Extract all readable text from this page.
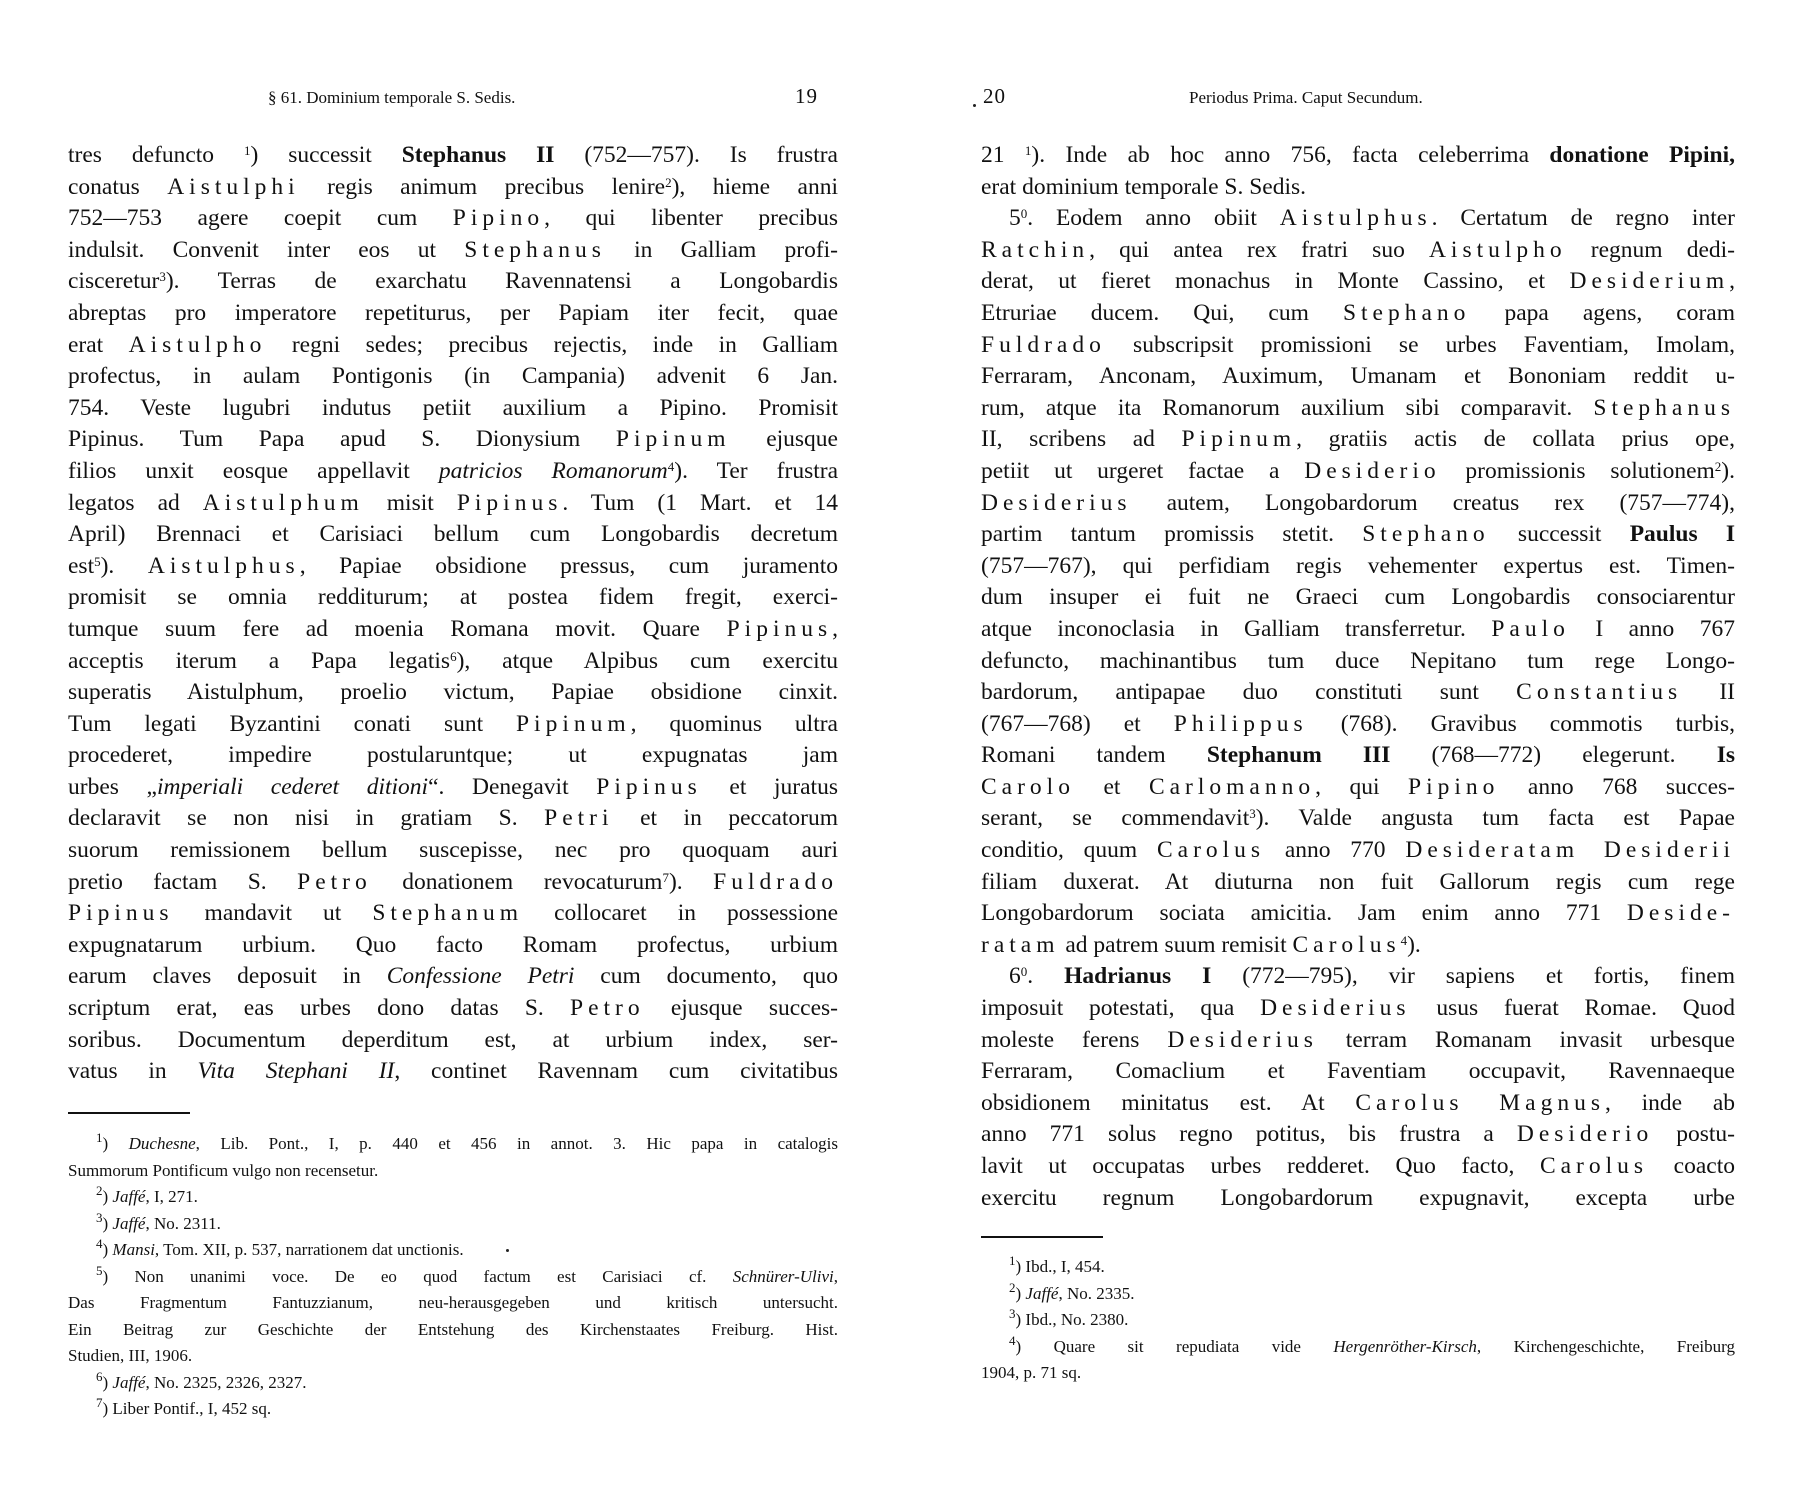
§ 61. Dominium temporale S. Sedis.	19
tres defuncto $^1$) successit Stephanus II (752—757). Is frustra
conatus Aistulphi regis animum precibus lenire$^2$), hieme anni
752—753 agere coepit cum Pipino, qui libenter precibus
indulsit. Convenit inter eos ut Stephanus in Galliam profi-
cisceretur$^3$). Terras de exarchatu Ravennatensi a Longobardis
abreptas pro imperatore repetiturus, per Papiam iter fecit, quae
erat Aistulpho regni sedes; precibus rejectis, inde in Galliam
profectus, in aulam Pontigonis (in Campania) advenit 6 Jan.
754. Veste lugubri indutus petiit auxilium a Pipino. Promisit
Pipinus. Tum Papa apud S. Dionysium Pipinum ejusque
filios unxit eosque appellavit patricios Romanorum$^4$). Ter frustra
legatos ad Aistulphum misit Pipinus. Tum (1 Mart. et 14
April) Brennaci et Carisiaci bellum cum Longobardis decretum
est$^5$). Aistulphus, Papiae obsidione pressus, cum juramento
promisit se omnia redditurum; at postea fidem fregit, exerci-
tumque suum fere ad moenia Romana movit. Quare Pipinus,
acceptis iterum a Papa legatis$^6$), atque Alpibus cum exercitu
superatis Aistulphum, proelio victum, Papiae obsidione cinxit.
Tum legati Byzantini conati sunt Pipinum, quominus ultra
procederet, impedire postularuntque; ut expugnatas jam
urbes „imperiali cederet ditioni“. Denegavit Pipinus et juratus
declaravit se non nisi in gratiam S. Petri et in peccatorum
suorum remissionem bellum suscepisse, nec pro quoquam auri
pretio factam S. Petro donationem revocaturum$^7$). Fuldrado
Pipinus mandavit ut Stephanum collocaret in possessione
expugnatarum urbium. Quo facto Romam profectus, urbium
earum claves deposuit in Confessione Petri cum documento, quo
scriptum erat, eas urbes dono datas S. Petro ejusque succes-
soribus. Documentum deperditum est, at urbium index, ser-
vatus in Vita Stephani II, continet Ravennam cum civitatibus
$^1$) Duchesne, Lib. Pont., I, p. 440 et 456 in annot. 3. Hic papa in catalogis
Summorum Pontificum vulgo non recensetur.
$^2$) Jaffé, I, 271.
$^3$) Jaffé, No. 2311.
$^4$) Mansi, Tom. XII, p. 537, narrationem dat unctionis.
$^5$) Non unanimi voce. De eo quod factum est Carisiaci cf. Schnürer-Ulivi,
Das Fragmentum Fantuzzianum, neu-herausgegeben und kritisch untersucht.
Ein Beitrag zur Geschichte der Entstehung des Kirchenstaates Freiburg. Hist.
Studien, III, 1906.
$^6$) Jaffé, No. 2325, 2326, 2327.
$^7$) Liber Pontif., I, 452 sq.
20	Periodus Prima. Caput Secundum.
21 $^1$). Inde ab hoc anno 756, facta celeberrima donatione Pipini,
erat dominium temporale S. Sedis.
$5^0$. Eodem anno obiit Aistulphus. Certatum de regno inter
Ratchin, qui antea rex fratri suo Aistulpho regnum dedi-
derat, ut fieret monachus in Monte Cassino, et Desiderium,
Etruriae ducem. Qui, cum Stephano papa agens, coram
Fuldrado subscripsit promissioni se urbes Faventiam, Imolam,
Ferraram, Anconam, Auximum, Umanam et Bononiam reddit u-
rum, atque ita Romanorum auxilium sibi comparavit. Stephanus
II, scribens ad Pipinum, gratiis actis de collata prius ope,
petiit ut urgeret factae a Desiderio promissionis solutionem$^2$).
Desiderius autem, Longobardorum creatus rex (757—774),
partim tantum promissis stetit. Stephano successit Paulus I
(757—767), qui perfidiam regis vehementer expertus est. Timen-
dum insuper ei fuit ne Graeci cum Longobardis consociarentur
atque inconoclasia in Galliam transferretur. Paulo I anno 767
defuncto, machinantibus tum duce Nepitano tum rege Longo-
bardorum, antipapae duo constituti sunt Constantius II
(767—768) et Philippus (768). Gravibus commotis turbis,
Romani tandem Stephanum III (768—772) elegerunt. Is
Carolo et Carlomanno, qui Pipino anno 768 succes-
serant, se commendavit$^3$). Valde angusta tum facta est Papae
conditio, quum Carolus anno 770 Desideratam Desiderii
filiam duxerat. At diuturna non fuit Gallorum regis cum rege
Longobardorum sociata amicitia. Jam enim anno 771 Deside-
ratam ad patrem suum remisit Carolus$^4$).
$6^0$. Hadrianus I (772—795), vir sapiens et fortis, finem
imposuit potestati, qua Desiderius usus fuerat Romae. Quod
moleste ferens Desiderius terram Romanam invasit urbesque
Ferraram, Comaclium et Faventiam occupavit, Ravennaeque
obsidionem minitatus est. At Carolus Magnus, inde ab
anno 771 solus regno potitus, bis frustra a Desiderio postu-
lavit ut occupatas urbes redderet. Quo facto, Carolus coacto
exercitu regnum Longobardorum expugnavit, excepta urbe
$^1$) Ibd., I, 454.
$^2$) Jaffé, No. 2335.
$^3$) Ibd., No. 2380.
$^4$) Quare sit repudiata vide Hergenröther-Kirsch, Kirchengeschichte, Freiburg
1904, p. 71 sq.
